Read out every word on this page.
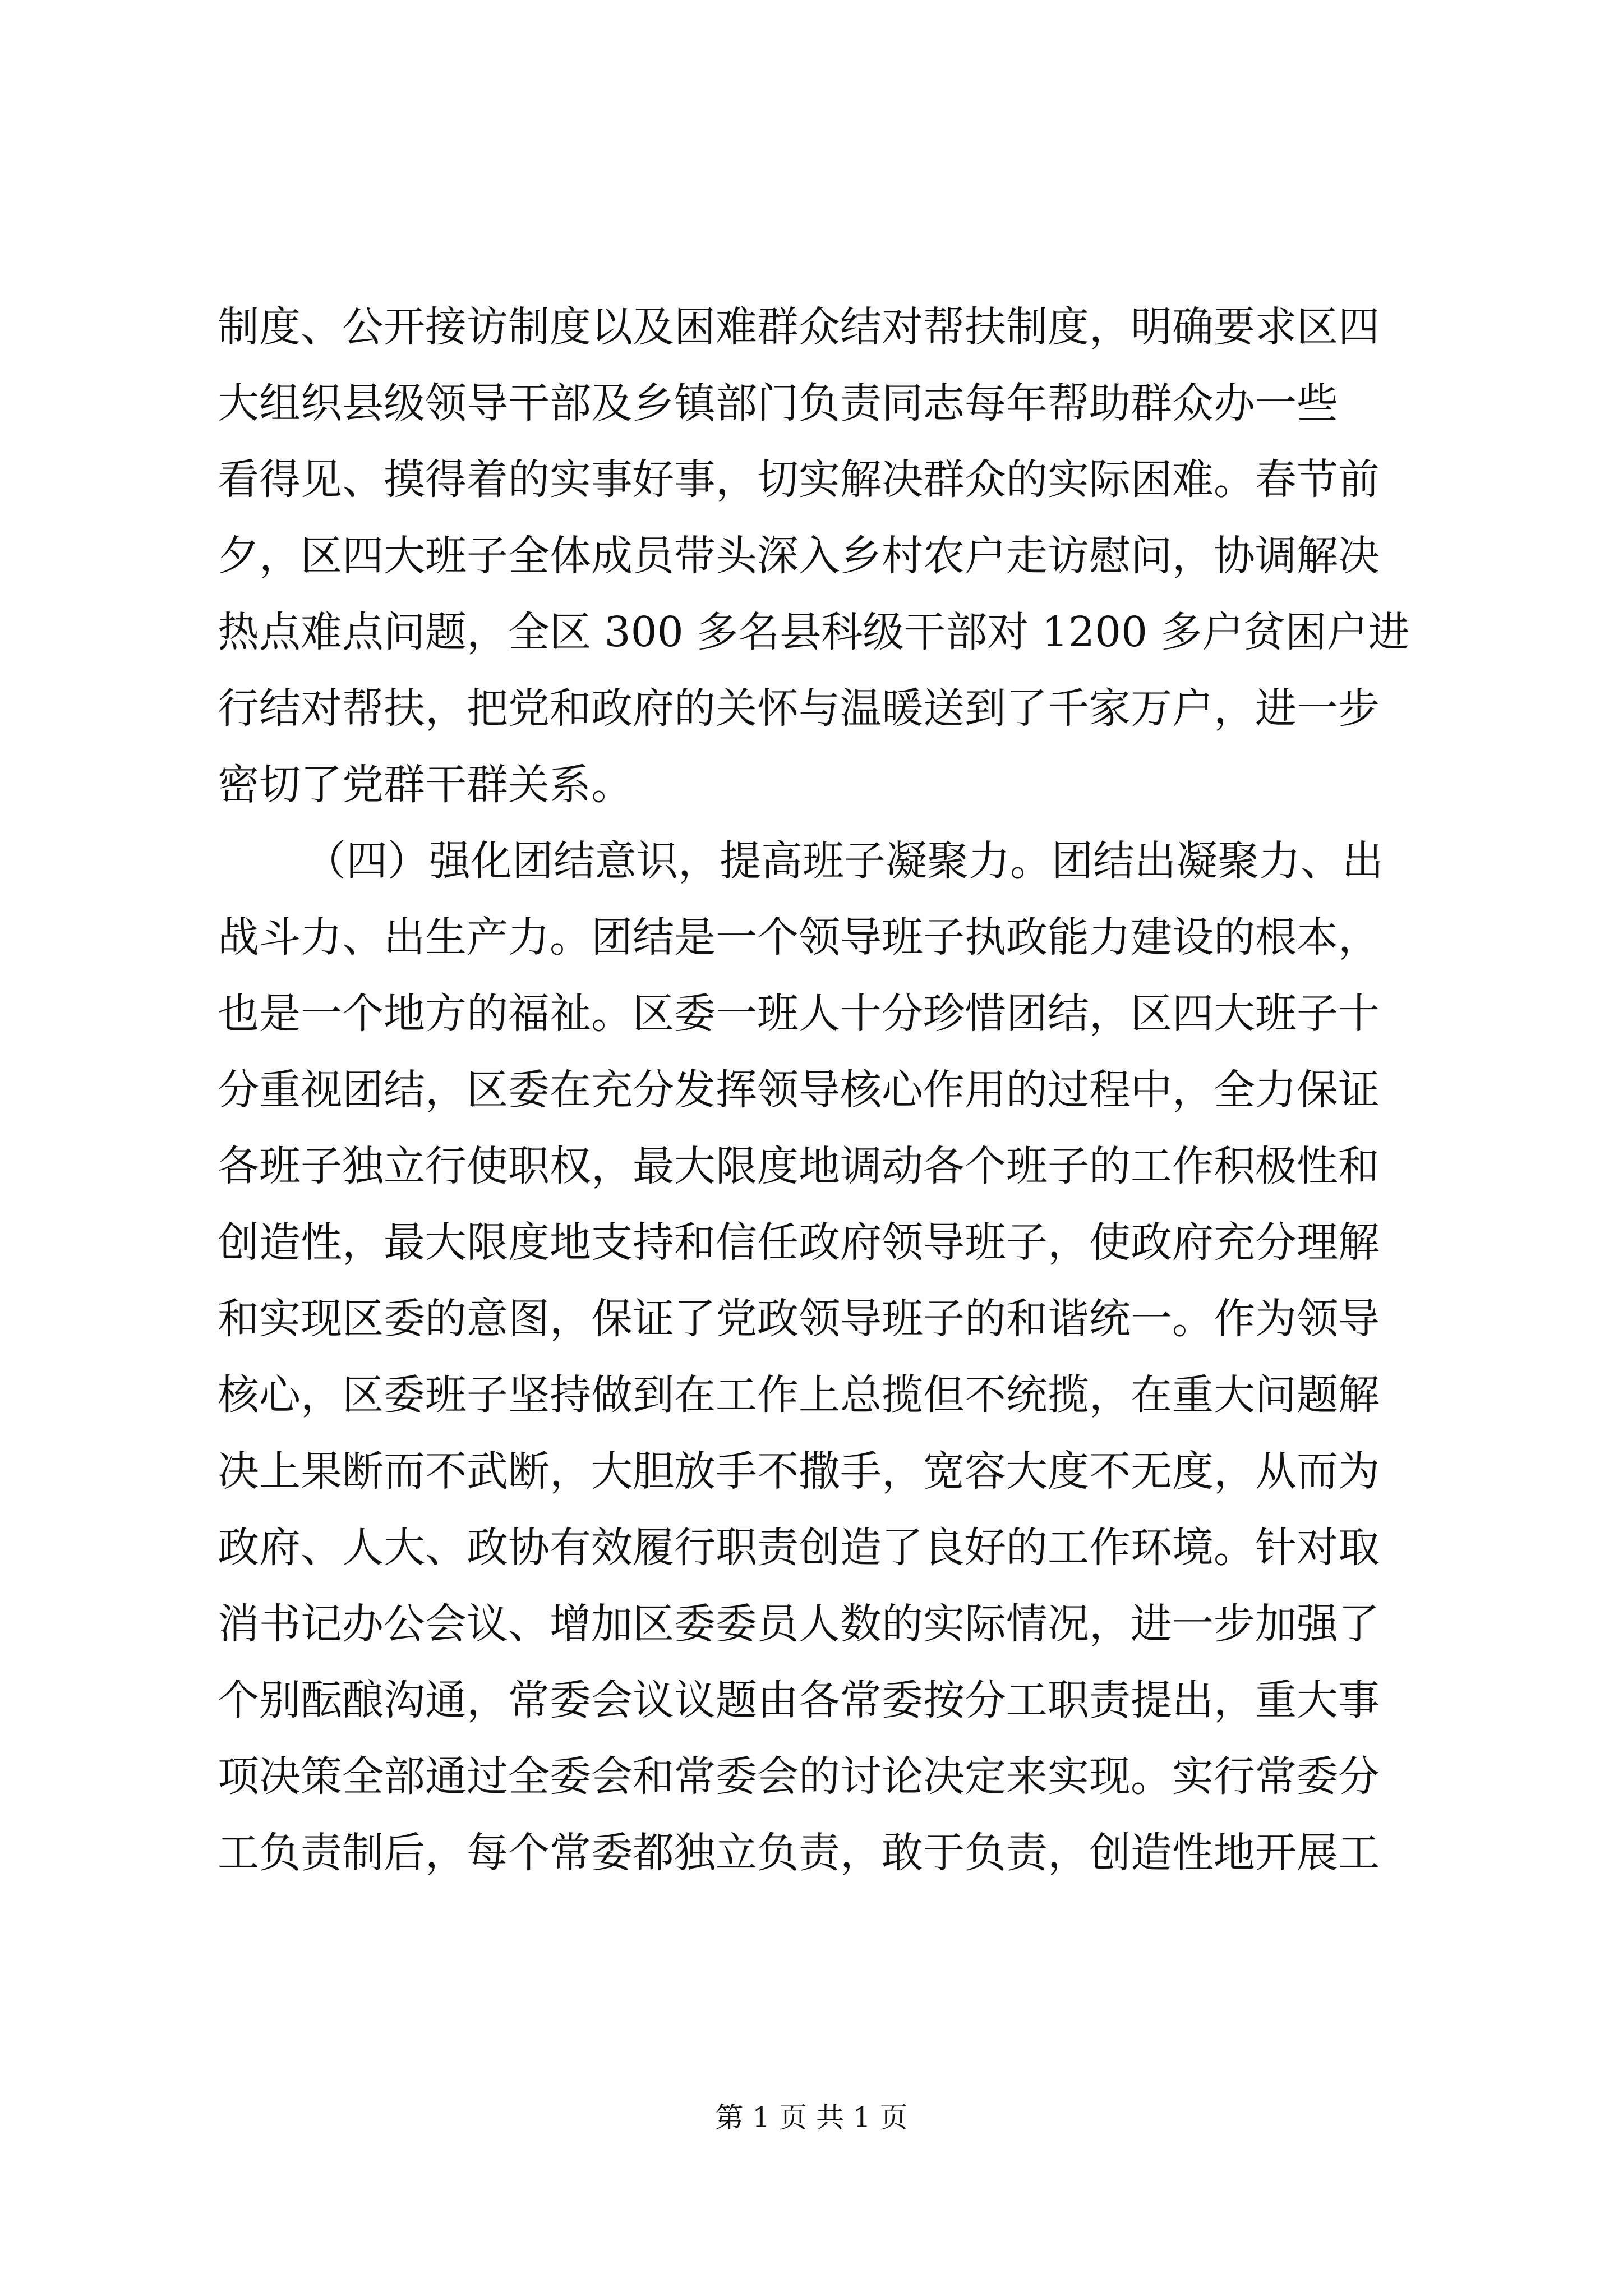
制度、公开接访制度以及困难群众结对帮扶制度，明确要求区四
大组织县级领导干部及乡镇部门负责同志每年帮助群众办一些
看得见、摸得着的实事好事，切实解决群众的实际困难。春节前
夕，区四大班子全体成员带头深入乡村农户走访慰问，协调解决
热点难点问题，全区 300 多名县科级干部对 1200 多户贫困户进
行结对帮扶，把党和政府的关怀与温暖送到了千家万户，进一步
密切了党群干群关系。
（四）强化团结意识，提高班子凝聚力。团结出凝聚力、出
战斗力、出生产力。团结是一个领导班子执政能力建设的根本，
也是一个地方的福祉。区委一班人十分珍惜团结，区四大班子十
分重视团结，区委在充分发挥领导核心作用的过程中，全力保证
各班子独立行使职权，最大限度地调动各个班子的工作积极性和
创造性，最大限度地支持和信任政府领导班子，使政府充分理解
和实现区委的意图，保证了党政领导班子的和谐统一。作为领导
核心，区委班子坚持做到在工作上总揽但不统揽，在重大问题解
决上果断而不武断，大胆放手不撒手，宽容大度不无度，从而为
政府、人大、政协有效履行职责创造了良好的工作环境。针对取
消书记办公会议、增加区委委员人数的实际情况，进一步加强了
个别酝酿沟通，常委会议议题由各常委按分工职责提出，重大事
项决策全部通过全委会和常委会的讨论决定来实现。实行常委分
工负责制后，每个常委都独立负责，敢于负责，创造性地开展工
第 1 页 共 1 页
